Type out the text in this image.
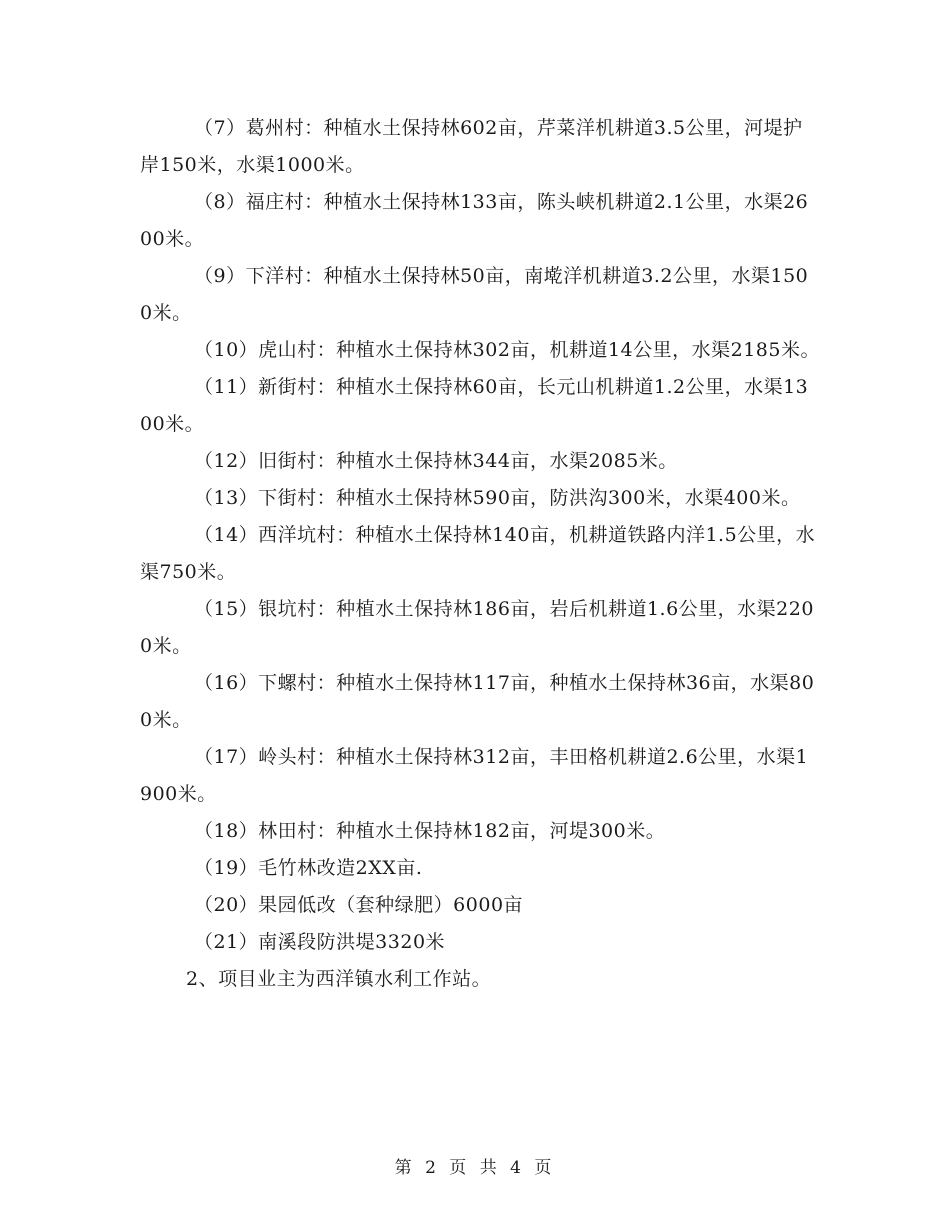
（7）葛州村：种植水土保持林602亩，芹菜洋机耕道3.5公里，河堤护岸150米，水渠1000米。

（8）福庄村：种植水土保持林133亩，陈头峡机耕道2.1公里，水渠2600米。

（9）下洋村：种植水土保持林50亩，南墘洋机耕道3.2公里，水渠1500米。

（10）虎山村：种植水土保持林302亩，机耕道14公里，水渠2185米。

（11）新街村：种植水土保持林60亩，长元山机耕道1.2公里，水渠1300米。

（12）旧街村：种植水土保持林344亩，水渠2085米。

（13）下街村：种植水土保持林590亩，防洪沟300米，水渠400米。

（14）西洋坑村：种植水土保持林140亩，机耕道铁路内洋1.5公里，水渠750米。

（15）银坑村：种植水土保持林186亩，岩后机耕道1.6公里，水渠2200米。

（16）下螺村：种植水土保持林117亩，种植水土保持林36亩，水渠800米。

（17）岭头村：种植水土保持林312亩，丰田格机耕道2.6公里，水渠1900米。

（18）林田村：种植水土保持林182亩，河堤300米。

（19）毛竹林改造2XX亩.

（20）果园低改（套种绿肥）6000亩

（21）南溪段防洪堤3320米

2、项目业主为西洋镇水利工作站。

第 2 页 共 4 页
